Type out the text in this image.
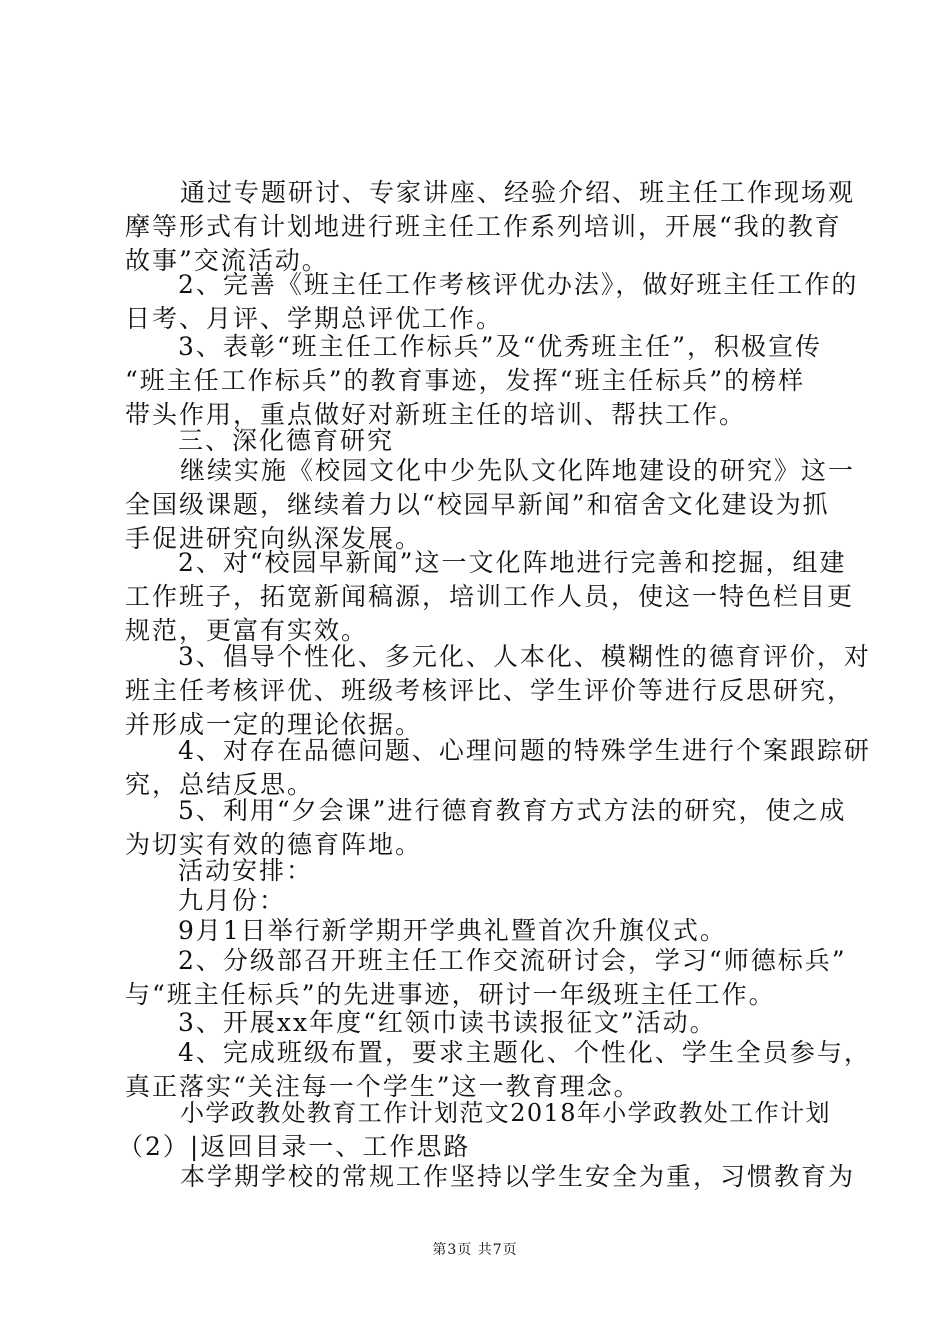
通过专题研讨、专家讲座、经验介绍、班主任工作现场观
摩等形式有计划地进行班主任工作系列培训，开展“我的教育
故事”交流活动。
2、完善《班主任工作考核评优办法》，做好班主任工作的
日考、月评、学期总评优工作。
3、表彰“班主任工作标兵”及“优秀班主任”，积极宣传
“班主任工作标兵”的教育事迹，发挥“班主任标兵”的榜样
带头作用，重点做好对新班主任的培训、帮扶工作。
三、深化德育研究
继续实施《校园文化中少先队文化阵地建设的研究》这一
全国级课题，继续着力以“校园早新闻”和宿舍文化建设为抓
手促进研究向纵深发展。
2、对“校园早新闻”这一文化阵地进行完善和挖掘，组建
工作班子，拓宽新闻稿源，培训工作人员，使这一特色栏目更
规范，更富有实效。
3、倡导个性化、多元化、人本化、模糊性的德育评价，对
班主任考核评优、班级考核评比、学生评价等进行反思研究，
并形成一定的理论依据。
4、对存在品德问题、心理问题的特殊学生进行个案跟踪研
究，总结反思。
5、利用“夕会课”进行德育教育方式方法的研究，使之成
为切实有效的德育阵地。
活动安排：
九月份：
9月1日举行新学期开学典礼暨首次升旗仪式。
2、分级部召开班主任工作交流研讨会，学习“师德标兵”
与“班主任标兵”的先进事迹，研讨一年级班主任工作。
3、开展xx年度“红领巾读书读报征文”活动。
4、完成班级布置，要求主题化、个性化、学生全员参与，
真正落实“关注每一个学生”这一教育理念。
小学政教处教育工作计划范文2018年小学政教处工作计划
（2）|返回目录一、工作思路
本学期学校的常规工作坚持以学生安全为重，习惯教育为
第3页 共7页
